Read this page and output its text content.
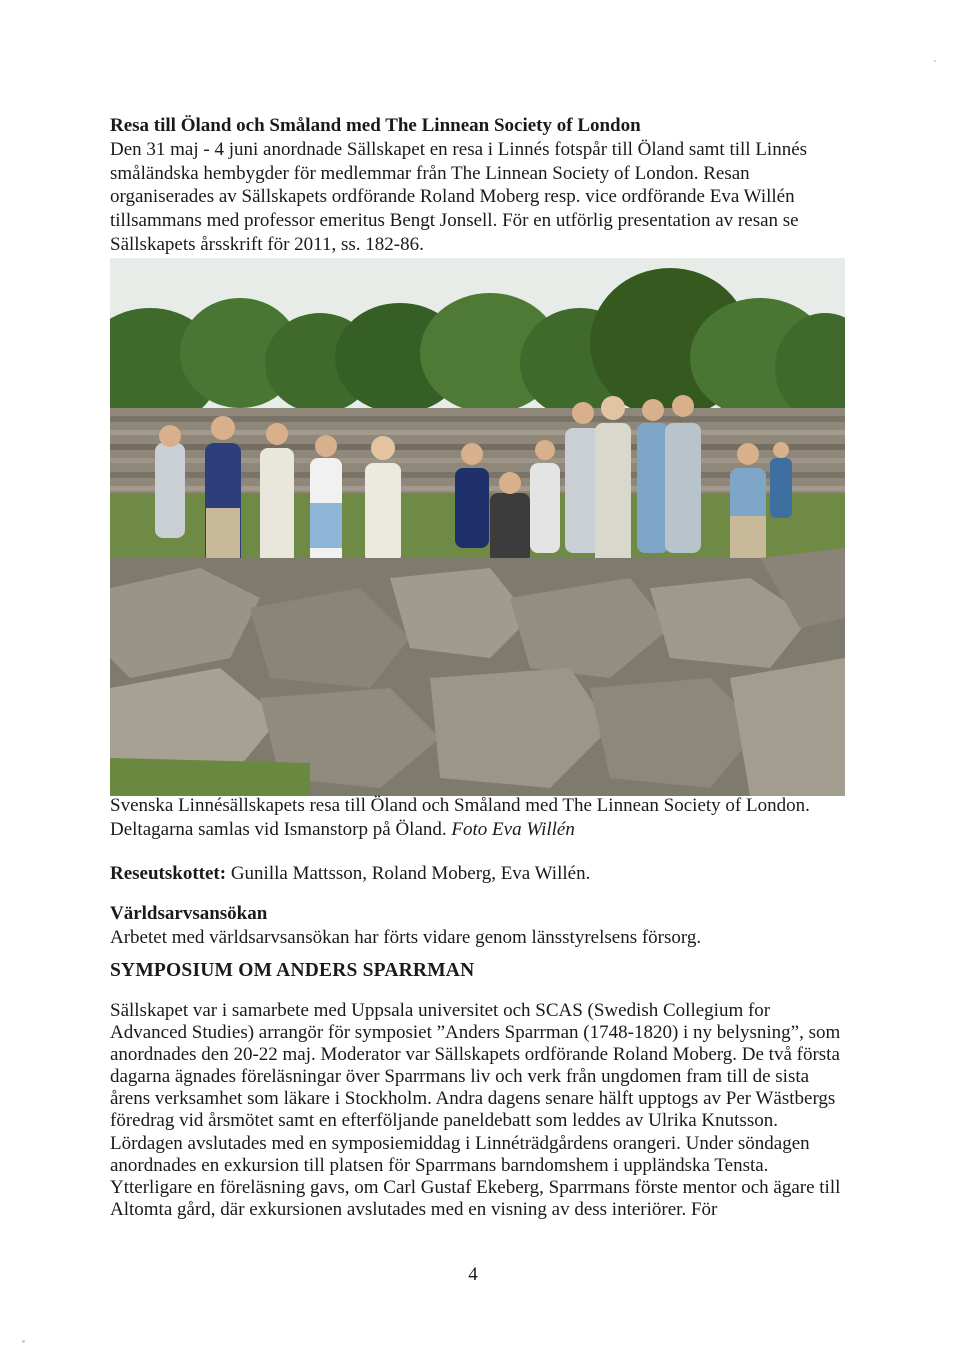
Resa till Öland och Småland med The Linnean Society of London
Den 31 maj - 4 juni anordnade Sällskapet en resa i Linnés fotspår till Öland samt till Linnés småländska hembygder för medlemmar från The Linnean Society of London. Resan organiserades av Sällskapets ordförande Roland Moberg resp. vice ordförande Eva Willén tillsammans med professor emeritus Bengt Jonsell. För en utförlig presentation av resan se Sällskapets årsskrift för 2011, ss. 182-86.
Svenska Linnésällskapets resa till Öland och Småland med The Linnean Society of London. Deltagarna samlas vid Ismanstorp på Öland. Foto Eva Willén
Reseutskottet: Gunilla Mattsson, Roland Moberg, Eva Willén.
Världsarvsansökan
Arbetet med världsarvsansökan har förts vidare genom länsstyrelsens försorg.
SYMPOSIUM OM ANDERS SPARRMAN
Sällskapet var i samarbete med Uppsala universitet och SCAS (Swedish Collegium for Advanced Studies) arrangör för symposiet ”Anders Sparrman (1748-1820) i ny belysning”, som anordnades den 20-22 maj. Moderator var Sällskapets ordförande Roland Moberg. De två första dagarna ägnades föreläsningar över Sparrmans liv och verk från ungdomen fram till de sista årens verksamhet som läkare i Stockholm. Andra dagens senare hälft upptogs av Per Wästbergs föredrag vid årsmötet samt en efterföljande paneldebatt som leddes av Ulrika Knutsson. Lördagen avslutades med en symposiemiddag i Linnéträdgårdens orangeri. Under söndagen anordnades en exkursion till platsen för Sparrmans barndomshem i uppländska Tensta. Ytterligare en föreläsning gavs, om Carl Gustaf Ekeberg, Sparrmans förste mentor och ägare till Altomta gård, där exkursionen avslutades med en visning av dess interiörer. För
4
